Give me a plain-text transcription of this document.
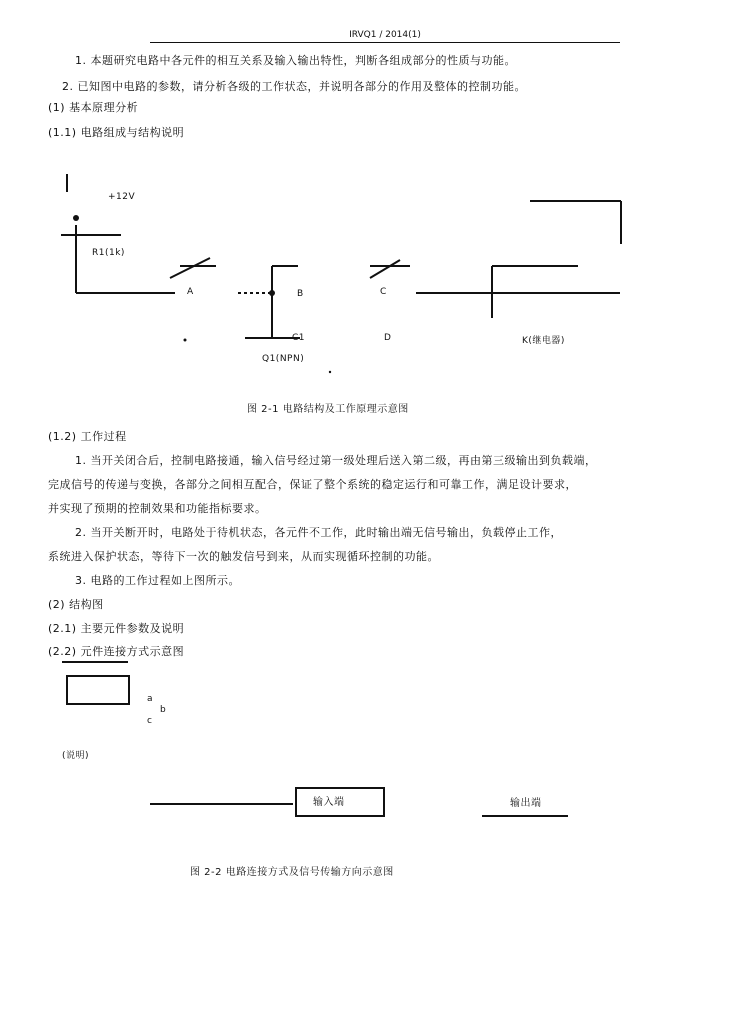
IRVQ1 / 2014(1)
1. 本题研究电路中各元件的相互关系及输入输出特性，判断各组成部分的性质与功能。
2. 已知图中电路的参数，请分析各级的工作状态，并说明各部分的作用及整体的控制功能。
(1) 基本原理分析
(1.1) 电路组成与结构说明
+12V
R1(1k)
A	B	C
D
Q1(NPN)
C1	K(继电器)
图 2-1 电路结构及工作原理示意图
(1.2) 工作过程
1. 当开关闭合后，控制电路接通，输入信号经过第一级处理后送入第二级，再由第三级输出到负载端，
完成信号的传递与变换，各部分之间相互配合，保证了整个系统的稳定运行和可靠工作，满足设计要求，
并实现了预期的控制效果和功能指标要求。
2. 当开关断开时，电路处于待机状态，各元件不工作，此时输出端无信号输出，负载停止工作，
系统进入保护状态，等待下一次的触发信号到来，从而实现循环控制的功能。
3. 电路的工作过程如上图所示。
(2) 结构图
(2.1) 主要元件参数及说明
(2.2) 元件连接方式示意图
a
b
c
(说明)
输入端	输出端
图 2-2 电路连接方式及信号传输方向示意图
